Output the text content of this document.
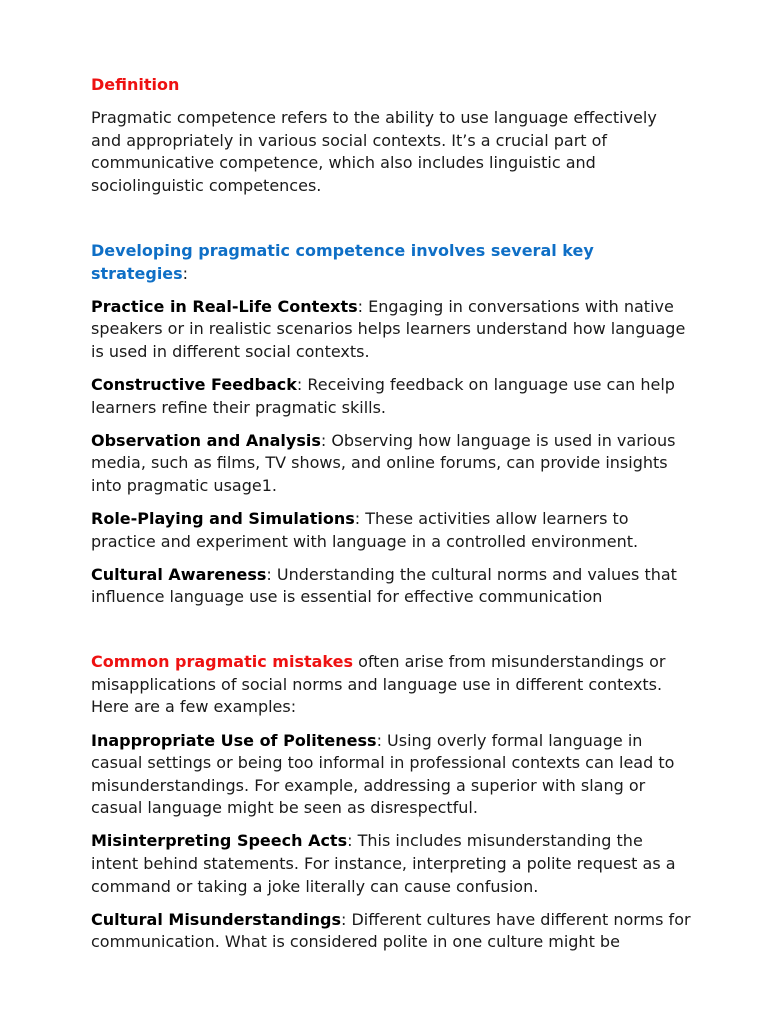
Definition

Pragmatic competence refers to the ability to use language effectively and appropriately in various social contexts. It’s a crucial part of communicative competence, which also includes linguistic and sociolinguistic competences.

Developing pragmatic competence involves several key strategies:

Practice in Real-Life Contexts: Engaging in conversations with native speakers or in realistic scenarios helps learners understand how language is used in different social contexts.

Constructive Feedback: Receiving feedback on language use can help learners refine their pragmatic skills.

Observation and Analysis: Observing how language is used in various media, such as films, TV shows, and online forums, can provide insights into pragmatic usage1.

Role-Playing and Simulations: These activities allow learners to practice and experiment with language in a controlled environment.

Cultural Awareness: Understanding the cultural norms and values that influence language use is essential for effective communication

Common pragmatic mistakes often arise from misunderstandings or misapplications of social norms and language use in different contexts. Here are a few examples:

Inappropriate Use of Politeness: Using overly formal language in casual settings or being too informal in professional contexts can lead to misunderstandings. For example, addressing a superior with slang or casual language might be seen as disrespectful.

Misinterpreting Speech Acts: This includes misunderstanding the intent behind statements. For instance, interpreting a polite request as a command or taking a joke literally can cause confusion.

Cultural Misunderstandings: Different cultures have different norms for communication. What is considered polite in one culture might be
